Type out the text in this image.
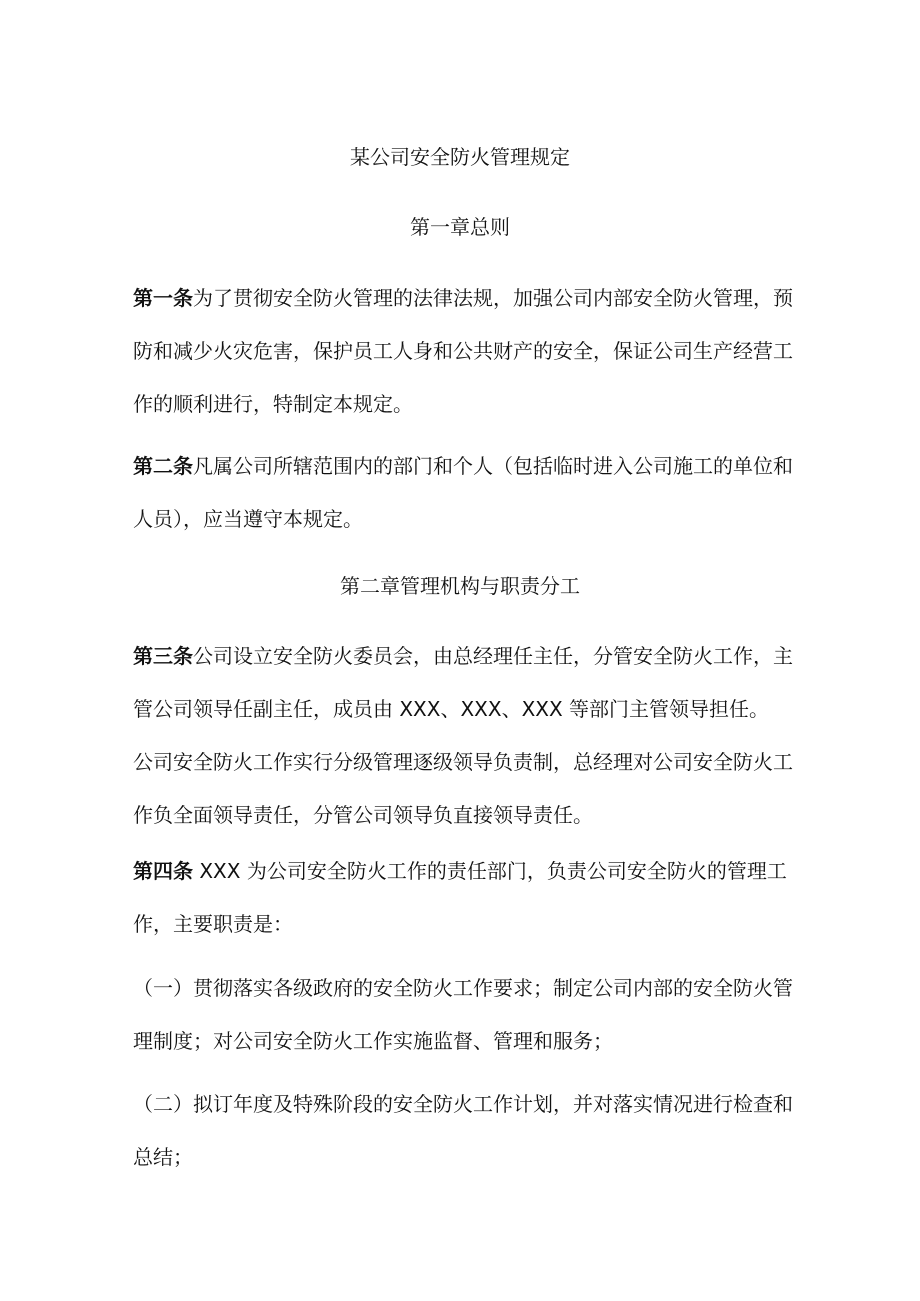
某公司安全防火管理规定
第一章总则
第一条为了贯彻安全防火管理的法律法规，加强公司内部安全防火管理，预
防和减少火灾危害，保护员工人身和公共财产的安全，保证公司生产经营工
作的顺利进行，特制定本规定。
第二条凡属公司所辖范围内的部门和个人（包括临时进入公司施工的单位和
人员），应当遵守本规定。
第二章管理机构与职责分工
第三条公司设立安全防火委员会，由总经理任主任，分管安全防火工作，主
管公司领导任副主任，成员由 XXX、XXX、XXX 等部门主管领导担任。
公司安全防火工作实行分级管理逐级领导负责制，总经理对公司安全防火工
作负全面领导责任，分管公司领导负直接领导责任。
第四条 XXX 为公司安全防火工作的责任部门，负责公司安全防火的管理工
作，主要职责是：
（一）贯彻落实各级政府的安全防火工作要求；制定公司内部的安全防火管
理制度；对公司安全防火工作实施监督、管理和服务；
（二）拟订年度及特殊阶段的安全防火工作计划，并对落实情况进行检查和
总结；
